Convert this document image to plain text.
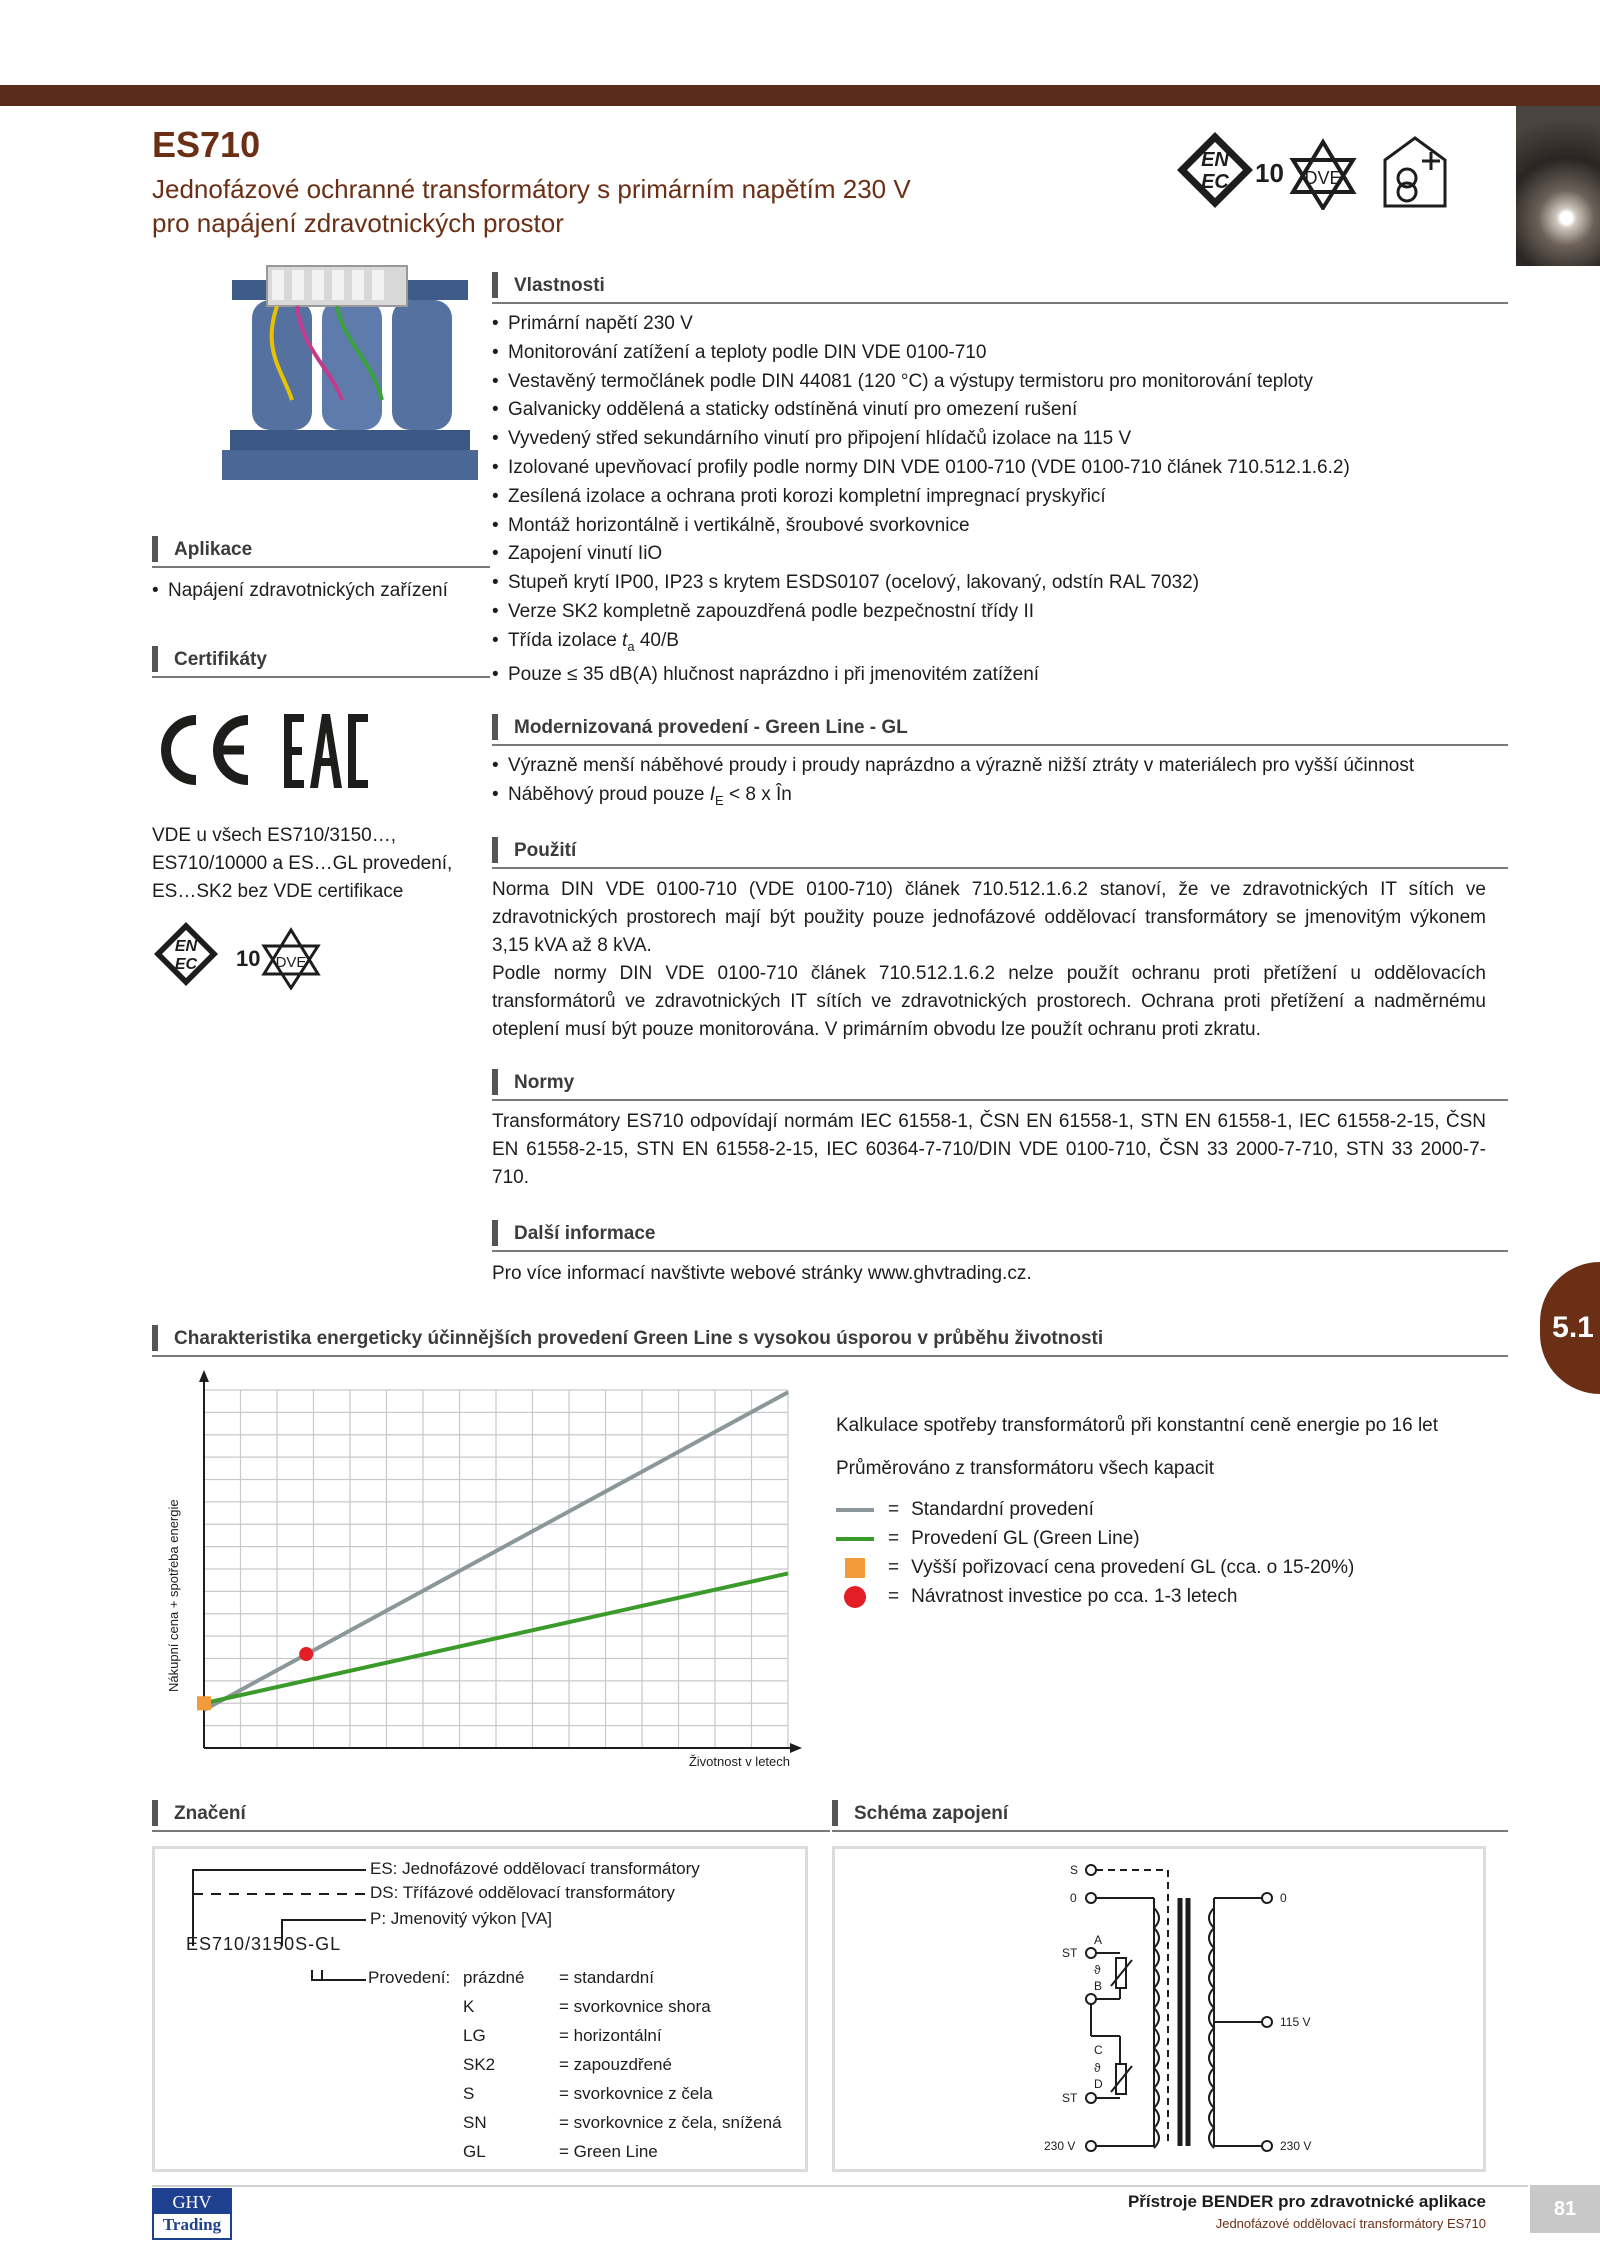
ES710
Jednofázové ochranné transformátory s primárním napětím 230 V
pro napájení zdravotnických prostor
EN
EC 10 DVE
Aplikace
• Napájení zdravotnických zařízení
Certifikáty
VDE u všech ES710/3150…, ES710/10000 a ES…GL provedení, ES…SK2 bez VDE certifikace
EN
EC 10 DVE
Vlastnosti
• Primární napětí 230 V
• Monitorování zatížení a teploty podle DIN VDE 0100-710
• Vestavěný termočlánek podle DIN 44081 (120 °C) a výstupy termistoru pro monitorování teploty
• Galvanicky oddělená a staticky odstíněná vinutí pro omezení rušení
• Vyvedený střed sekundárního vinutí pro připojení hlídačů izolace na 115 V
• Izolované upevňovací profily podle normy DIN VDE 0100-710 (VDE 0100-710 článek 710.512.1.6.2)
• Zesílená izolace a ochrana proti korozi kompletní impregnací pryskyřicí
• Montáž horizontálně i vertikálně, šroubové svorkovnice
• Zapojení vinutí IiO
• Stupeň krytí IP00, IP23 s krytem ESDS0107 (ocelový, lakovaný, odstín RAL 7032)
• Verze SK2 kompletně zapouzdřená podle bezpečnostní třídy II
• Třída izolace $t_a$ 40/B
• Pouze ≤ 35 dB(A) hlučnost naprázdno i při jmenovitém zatížení
Modernizovaná provedení - Green Line - GL
• Výrazně menší náběhové proudy i proudy naprázdno a výrazně nižší ztráty v materiálech pro vyšší účinnost
• Náběhový proud pouze $I_E < 8$ x În
Použití
Norma DIN VDE 0100-710 (VDE 0100-710) článek 710.512.1.6.2 stanoví, že ve zdravotnických IT sítích ve zdravotnických prostorech mají být použity pouze jednofázové oddělovací transformátory se jmenovitým výkonem 3,15 kVA až 8 kVA.
Podle normy DIN VDE 0100-710 článek 710.512.1.6.2 nelze použít ochranu proti přetížení u oddělovacích transformátorů ve zdravotnických IT sítích ve zdravotnických prostorech. Ochrana proti přetížení a nadměrnému oteplení musí být pouze monitorována. V primárním obvodu lze použít ochranu proti zkratu.
Normy
Transformátory ES710 odpovídají normám IEC 61558-1, ČSN EN 61558-1, STN EN 61558-1, IEC 61558-2-15, ČSN EN 61558-2-15, STN EN 61558-2-15, IEC 60364-7-710/DIN VDE 0100-710, ČSN 33 2000-7-710, STN 33 2000-7-710.
Další informace
Pro více informací navštivte webové stránky www.ghvtrading.cz.
5.1
Charakteristika energeticky účinnějších provedení Green Line s vysokou úsporou v průběhu životnosti
Nákupní cena + spotřeba energie
Životnost v letech
Kalkulace spotřeby transformátorů při konstantní ceně energie po 16 let
Průměrováno z transformátoru všech kapacit
= Standardní provedení
= Provedení GL (Green Line)
= Vyšší pořizovací cena provedení GL (cca. o 15-20%)
= Návratnost investice po cca. 1-3 letech
Značení
ES: Jednofázové oddělovací transformátory
DS: Třífázové oddělovací transformátory
P: Jmenovitý výkon [VA]
ES710/3150S-GL
Provedení: prázdné	= standardní
K	= svorkovnice shora
LG	= horizontální
SK2	= zapouzdřené
S	= svorkovnice z čela
SN	= svorkovnice z čela, snížená
GL	= Green Line
Schéma zapojení
S
0	0
A
ST
ϑ
B
C
ϑ
D
ST
115 V
230 V	230 V
GHV
Trading
Přístroje BENDER pro zdravotnické aplikace
Jednofázové oddělovací transformátory ES710
81
